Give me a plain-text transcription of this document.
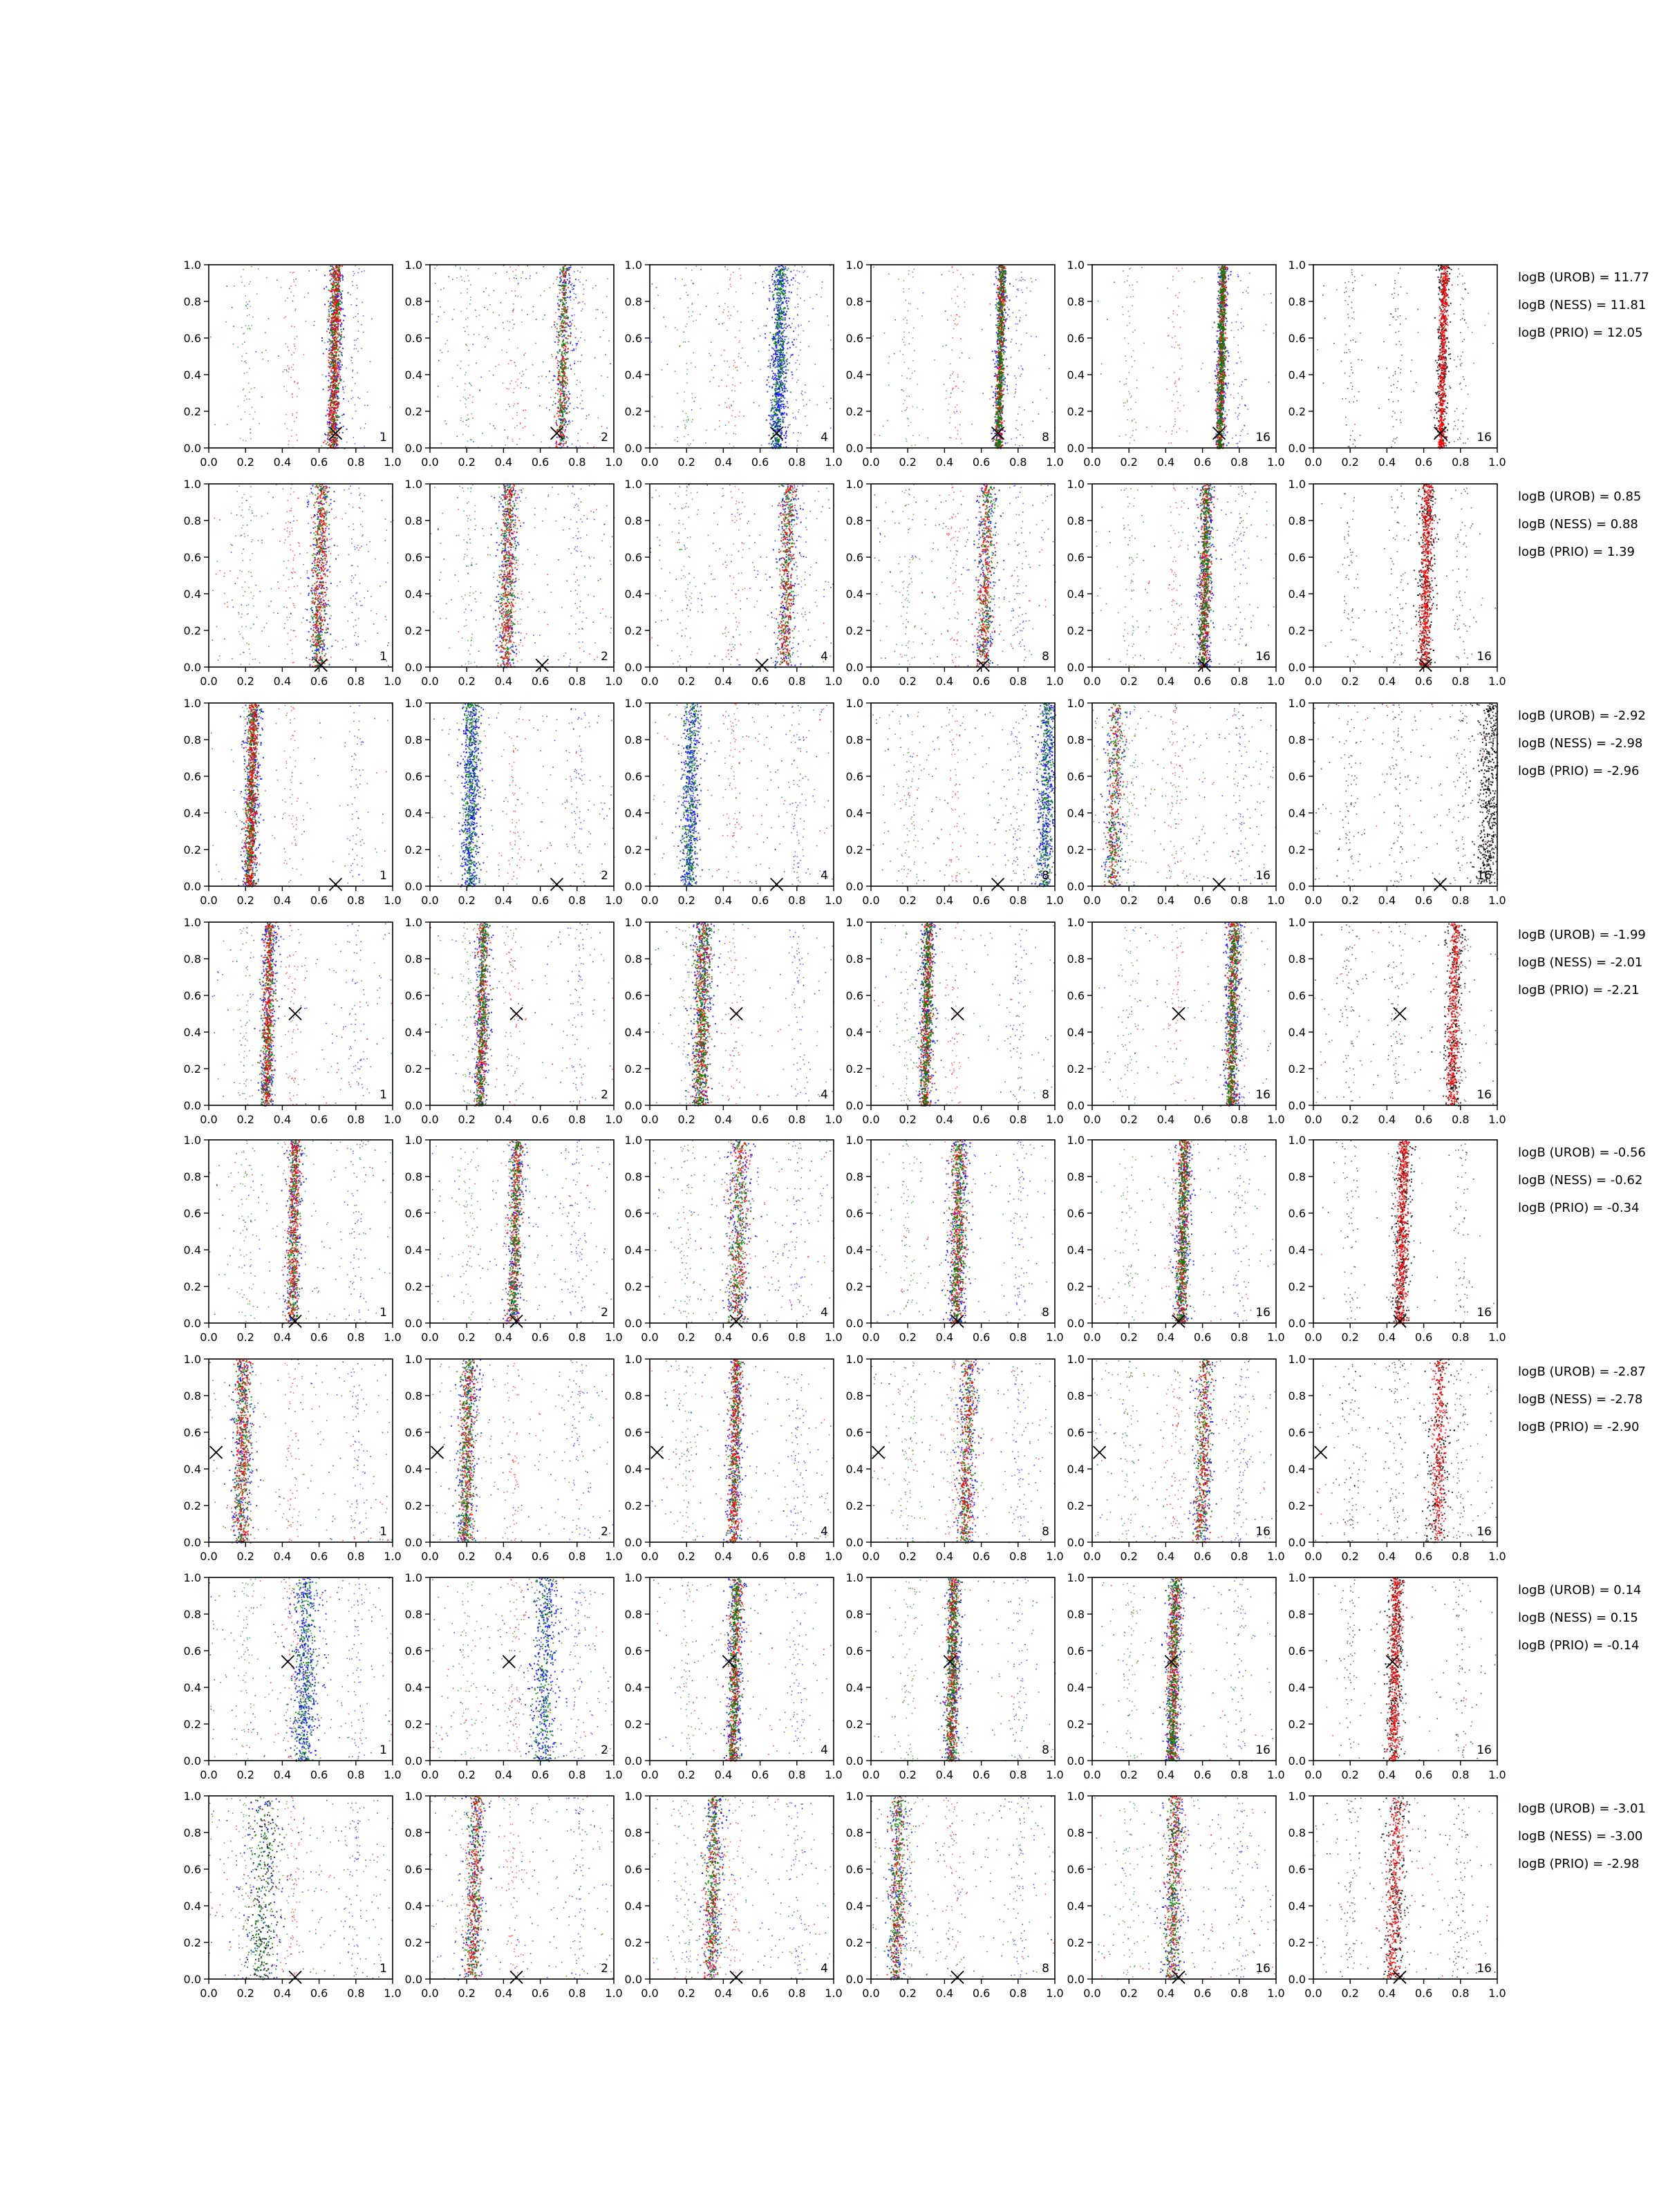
0.0
0.0
0.2
0.2
0.4
0.4
0.6
0.6
0.8
0.8
1.0
1.0
1
0.0
0.0
0.2
0.2
0.4
0.4
0.6
0.6
0.8
0.8
1.0
1.0
2
0.0
0.0
0.2
0.2
0.4
0.4
0.6
0.6
0.8
0.8
1.0
1.0
4
0.0
0.0
0.2
0.2
0.4
0.4
0.6
0.6
0.8
0.8
1.0
1.0
8
0.0
0.0
0.2
0.2
0.4
0.4
0.6
0.6
0.8
0.8
1.0
1.0
16
0.0
0.0
0.2
0.2
0.4
0.4
0.6
0.6
0.8
0.8
1.0
1.0
16
0.0
0.0
0.2
0.2
0.4
0.4
0.6
0.6
0.8
0.8
1.0
1.0
1
0.0
0.0
0.2
0.2
0.4
0.4
0.6
0.6
0.8
0.8
1.0
1.0
2
0.0
0.0
0.2
0.2
0.4
0.4
0.6
0.6
0.8
0.8
1.0
1.0
4
0.0
0.0
0.2
0.2
0.4
0.4
0.6
0.6
0.8
0.8
1.0
1.0
8
0.0
0.0
0.2
0.2
0.4
0.4
0.6
0.6
0.8
0.8
1.0
1.0
16
0.0
0.0
0.2
0.2
0.4
0.4
0.6
0.6
0.8
0.8
1.0
1.0
16
0.0
0.0
0.2
0.2
0.4
0.4
0.6
0.6
0.8
0.8
1.0
1.0
1
0.0
0.0
0.2
0.2
0.4
0.4
0.6
0.6
0.8
0.8
1.0
1.0
2
0.0
0.0
0.2
0.2
0.4
0.4
0.6
0.6
0.8
0.8
1.0
1.0
4
0.0
0.0
0.2
0.2
0.4
0.4
0.6
0.6
0.8
0.8
1.0
1.0
8
0.0
0.0
0.2
0.2
0.4
0.4
0.6
0.6
0.8
0.8
1.0
1.0
16
0.0
0.0
0.2
0.2
0.4
0.4
0.6
0.6
0.8
0.8
1.0
1.0
16
0.0
0.0
0.2
0.2
0.4
0.4
0.6
0.6
0.8
0.8
1.0
1.0
1
0.0
0.0
0.2
0.2
0.4
0.4
0.6
0.6
0.8
0.8
1.0
1.0
2
0.0
0.0
0.2
0.2
0.4
0.4
0.6
0.6
0.8
0.8
1.0
1.0
4
0.0
0.0
0.2
0.2
0.4
0.4
0.6
0.6
0.8
0.8
1.0
1.0
8
0.0
0.0
0.2
0.2
0.4
0.4
0.6
0.6
0.8
0.8
1.0
1.0
16
0.0
0.0
0.2
0.2
0.4
0.4
0.6
0.6
0.8
0.8
1.0
1.0
16
0.0
0.0
0.2
0.2
0.4
0.4
0.6
0.6
0.8
0.8
1.0
1.0
1
0.0
0.0
0.2
0.2
0.4
0.4
0.6
0.6
0.8
0.8
1.0
1.0
2
0.0
0.0
0.2
0.2
0.4
0.4
0.6
0.6
0.8
0.8
1.0
1.0
4
0.0
0.0
0.2
0.2
0.4
0.4
0.6
0.6
0.8
0.8
1.0
1.0
8
0.0
0.0
0.2
0.2
0.4
0.4
0.6
0.6
0.8
0.8
1.0
1.0
16
0.0
0.0
0.2
0.2
0.4
0.4
0.6
0.6
0.8
0.8
1.0
1.0
16
0.0
0.0
0.2
0.2
0.4
0.4
0.6
0.6
0.8
0.8
1.0
1.0
1
0.0
0.0
0.2
0.2
0.4
0.4
0.6
0.6
0.8
0.8
1.0
1.0
2
0.0
0.0
0.2
0.2
0.4
0.4
0.6
0.6
0.8
0.8
1.0
1.0
4
0.0
0.0
0.2
0.2
0.4
0.4
0.6
0.6
0.8
0.8
1.0
1.0
8
0.0
0.0
0.2
0.2
0.4
0.4
0.6
0.6
0.8
0.8
1.0
1.0
16
0.0
0.0
0.2
0.2
0.4
0.4
0.6
0.6
0.8
0.8
1.0
1.0
16
0.0
0.0
0.2
0.2
0.4
0.4
0.6
0.6
0.8
0.8
1.0
1.0
1
0.0
0.0
0.2
0.2
0.4
0.4
0.6
0.6
0.8
0.8
1.0
1.0
2
0.0
0.0
0.2
0.2
0.4
0.4
0.6
0.6
0.8
0.8
1.0
1.0
4
0.0
0.0
0.2
0.2
0.4
0.4
0.6
0.6
0.8
0.8
1.0
1.0
8
0.0
0.0
0.2
0.2
0.4
0.4
0.6
0.6
0.8
0.8
1.0
1.0
16
0.0
0.0
0.2
0.2
0.4
0.4
0.6
0.6
0.8
0.8
1.0
1.0
16
0.0
0.0
0.2
0.2
0.4
0.4
0.6
0.6
0.8
0.8
1.0
1.0
1
0.0
0.0
0.2
0.2
0.4
0.4
0.6
0.6
0.8
0.8
1.0
1.0
2
0.0
0.0
0.2
0.2
0.4
0.4
0.6
0.6
0.8
0.8
1.0
1.0
4
0.0
0.0
0.2
0.2
0.4
0.4
0.6
0.6
0.8
0.8
1.0
1.0
8
0.0
0.0
0.2
0.2
0.4
0.4
0.6
0.6
0.8
0.8
1.0
1.0
16
0.0
0.0
0.2
0.2
0.4
0.4
0.6
0.6
0.8
0.8
1.0
1.0
16
logB (UROB) = 11.77
logB (NESS) = 11.81
logB (PRIO) = 12.05
logB (UROB) = 0.85
logB (NESS) = 0.88
logB (PRIO) = 1.39
logB (UROB) = -2.92
logB (NESS) = -2.98
logB (PRIO) = -2.96
logB (UROB) = -1.99
logB (NESS) = -2.01
logB (PRIO) = -2.21
logB (UROB) = -0.56
logB (NESS) = -0.62
logB (PRIO) = -0.34
logB (UROB) = -2.87
logB (NESS) = -2.78
logB (PRIO) = -2.90
logB (UROB) = 0.14
logB (NESS) = 0.15
logB (PRIO) = -0.14
logB (UROB) = -3.01
logB (NESS) = -3.00
logB (PRIO) = -2.98
